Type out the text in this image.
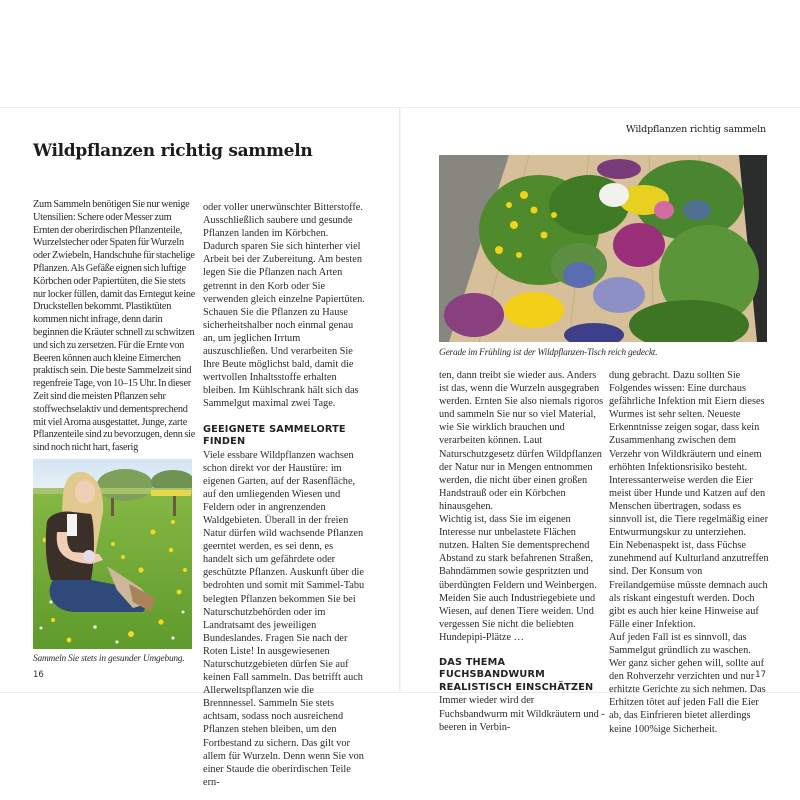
Wildpflanzen richtig sammeln

Zum Sammeln benötigen Sie nur wenige Utensilien: Schere oder Messer zum Ernten der oberirdischen Pflanzenteile, Wurzelstecher oder Spaten für Wurzeln oder Zwiebeln, Handschuhe für stachelige Pflanzen. Als Gefäße eignen sich luftige Körbchen oder Papiertüten, die Sie stets nur locker füllen, damit das Erntegut keine Druckstellen bekommt. Plastiktüten kommen nicht infrage, denn darin beginnen die Kräuter schnell zu schwitzen und sich zu zersetzen. Für die Ernte von Beeren können auch kleine Eimerchen praktisch sein. Die beste Sammelzeit sind regenfreie Tage, von 10–15 Uhr. In dieser Zeit sind die meisten Pflanzen sehr stoffwechselaktiv und dementsprechend mit viel Aroma ausgestattet. Junge, zarte Pflanzenteile sind zu bevorzugen, denn sie sind noch nicht hart, faserig

Sammeln Sie stets in gesunder Umgebung.
16

oder voller unerwünschter Bitterstoffe. Ausschließlich saubere und gesunde Pflanzen landen im Körbchen. Dadurch sparen Sie sich hinterher viel Arbeit bei der Zubereitung. Am besten legen Sie die Pflanzen nach Arten getrennt in den Korb oder Sie verwenden gleich einzelne Papiertüten. Schauen Sie die Pflanzen zu Hause sicherheitshalber noch einmal genau an, um jeglichen Irrtum auszuschließen. Und verarbeiten Sie Ihre Beute möglichst bald, damit die wertvollen Inhaltsstoffe erhalten bleiben. Im Kühlschrank hält sich das Sammelgut maximal zwei Tage.

GEEIGNETE SAMMELORTE FINDEN

Viele essbare Wildpflanzen wachsen schon direkt vor der Haustüre: im eigenen Garten, auf der Rasenfläche, auf den umliegenden Wiesen und Feldern oder in angrenzenden Waldgebieten. Überall in der freien Natur dürfen wild wachsende Pflanzen geerntet werden, es sei denn, es handelt sich um gefährdete oder geschützte Pflanzen. Auskunft über die bedrohten und somit mit Sammel-Tabu belegten Pflanzen bekommen Sie bei Naturschutzbehörden oder im Landratsamt des jeweiligen Bundeslandes. Fragen Sie nach der Roten Liste! In ausgewiesenen Naturschutzgebieten dürfen Sie auf keinen Fall sammeln. Das betrifft auch Allerweltspflanzen wie die Brennnessel. Sammeln Sie stets achtsam, sodass noch ausreichend Pflanzen stehen bleiben, um den Fortbestand zu sichern. Das gilt vor allem für Wurzeln. Denn wenn Sie von einer Staude die oberirdischen Teile ern-

Wildpflanzen richtig sammeln
Gerade im Frühling ist der Wildpflanzen-Tisch reich gedeckt.

ten, dann treibt sie wieder aus. Anders ist das, wenn die Wurzeln ausgegraben werden. Ernten Sie also niemals rigoros und sammeln Sie nur so viel Material, wie Sie wirklich brauchen und verarbeiten können. Laut Naturschutzgesetz dürfen Wildpflanzen der Natur nur in Mengen entnommen werden, die nicht über einen großen Handstrauß oder ein Körbchen hinausgehen.

Wichtig ist, dass Sie im eigenen Interesse nur unbelastete Flächen nutzen. Halten Sie dementsprechend Abstand zu stark befahrenen Straßen, Bahndämmen sowie gespritzten und überdüngten Feldern und Weinbergen. Meiden Sie auch Industriegebiete und Wiesen, auf denen Tiere weiden. Und vergessen Sie nicht die beliebten Hundepipi-Plätze …

DAS THEMA FUCHSBANDWURM REALISTISCH EINSCHÄTZEN

Immer wieder wird der Fuchsbandwurm mit Wildkräutern und -beeren in Verbin-

dung gebracht. Dazu sollten Sie Folgendes wissen: Eine durchaus gefährliche Infektion mit Eiern dieses Wurmes ist sehr selten. Neueste Erkenntnisse zeigen sogar, dass kein Zusammenhang zwischen dem Verzehr von Wildkräutern und einem erhöhten Infektionsrisiko besteht. Interessanterweise werden die Eier meist über Hunde und Katzen auf den Menschen übertragen, sodass es sinnvoll ist, die Tiere regelmäßig einer Entwurmungskur zu unterziehen.

Ein Nebenaspekt ist, dass Füchse zunehmend auf Kulturland anzutreffen sind. Der Konsum von Freilandgemüse müsste demnach auch als riskant eingestuft werden. Doch gibt es auch hier keine Hinweise auf Fälle einer Infektion.

Auf jeden Fall ist es sinnvoll, das Sammelgut gründlich zu waschen. Wer ganz sicher gehen will, sollte auf den Rohverzehr verzichten und nur erhitzte Gerichte zu sich nehmen. Das Erhitzen tötet auf jeden Fall die Eier ab, das Einfrieren bietet allerdings keine 100%ige Sicherheit.

17
